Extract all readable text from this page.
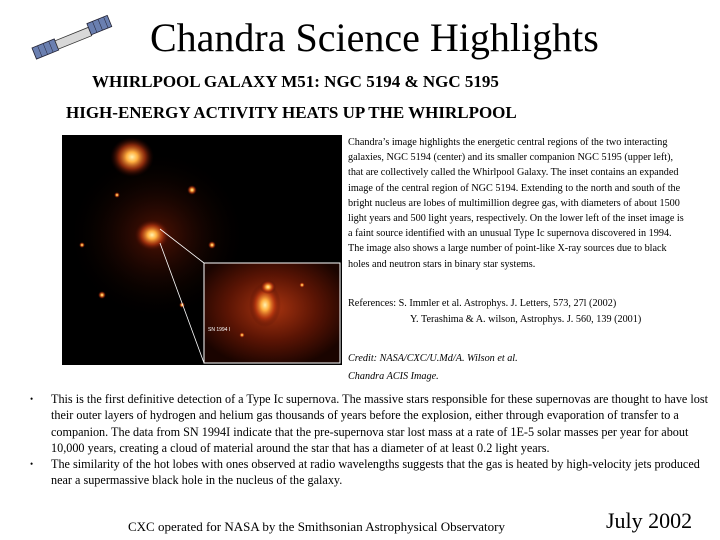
Chandra Science Highlights
WHIRLPOOL GALAXY M51: NGC 5194 & NGC 5195
HIGH-ENERGY ACTIVITY HEATS UP THE WHIRLPOOL
SN 1994 I

Chandra’s image highlights the energetic central regions of the two interacting galaxies, NGC 5194 (center) and its smaller companion NGC 5195 (upper left), that are collectively called the Whirlpool Galaxy. The inset contains an expanded image of the central region of NGC 5194. Extending to the north and south of the bright nucleus are lobes of multimillion degree gas, with diameters of about 1500 light years and 500 light years, respectively. On the lower left of the inset image is a faint source identified with an unusual Type Ic supernova discovered in 1994. The image also shows a large number of point-like X-ray sources due to black holes and neutron stars in binary star systems.

References: S. Immler et al. Astrophys. J. Letters, 573, 27l (2002)
Y. Terashima & A. wilson, Astrophys. J. 560, 139 (2001)
Credit: NASA/CXC/U.Md/A. Wilson et al.
Chandra ACIS Image.
• This is the first definitive detection of a Type Ic supernova. The massive stars responsible for these supernovas are thought to have lost their outer layers of hydrogen and helium gas thousands of years before the explosion, either through evaporation of transfer to a companion. The data from SN 1994I indicate that the pre-supernova star lost mass at a rate of 1E-5 solar masses per year for about 10,000 years, creating a cloud of material around the star that has a diameter of at least 0.2 light years.
• The similarity of the hot lobes with ones observed at radio wavelengths suggests that the gas is heated by high-velocity jets produced near a supermassive black hole in the nucleus of the galaxy.
CXC operated for NASA by the Smithsonian Astrophysical Observatory	July 2002
